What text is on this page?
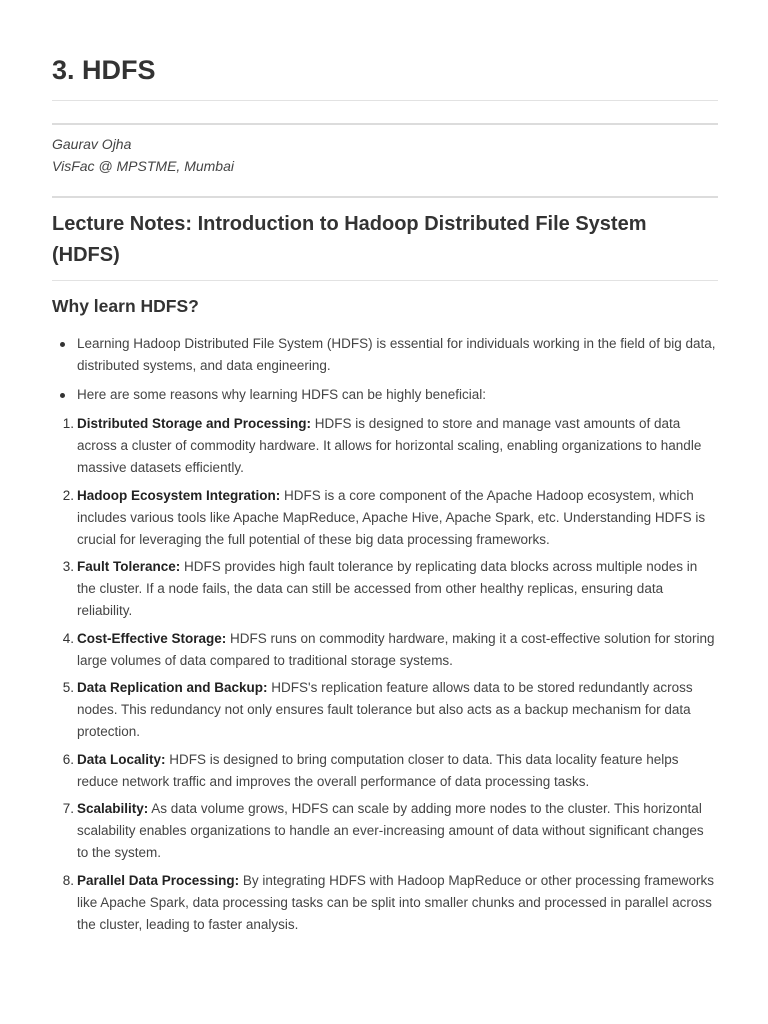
3. HDFS
Gaurav Ojha
VisFac @ MPSTME, Mumbai
Lecture Notes: Introduction to Hadoop Distributed File System (HDFS)
Why learn HDFS?
Learning Hadoop Distributed File System (HDFS) is essential for individuals working in the field of big data, distributed systems, and data engineering.
Here are some reasons why learning HDFS can be highly beneficial:
1. Distributed Storage and Processing: HDFS is designed to store and manage vast amounts of data across a cluster of commodity hardware. It allows for horizontal scaling, enabling organizations to handle massive datasets efficiently.
2. Hadoop Ecosystem Integration: HDFS is a core component of the Apache Hadoop ecosystem, which includes various tools like Apache MapReduce, Apache Hive, Apache Spark, etc. Understanding HDFS is crucial for leveraging the full potential of these big data processing frameworks.
3. Fault Tolerance: HDFS provides high fault tolerance by replicating data blocks across multiple nodes in the cluster. If a node fails, the data can still be accessed from other healthy replicas, ensuring data reliability.
4. Cost-Effective Storage: HDFS runs on commodity hardware, making it a cost-effective solution for storing large volumes of data compared to traditional storage systems.
5. Data Replication and Backup: HDFS's replication feature allows data to be stored redundantly across nodes. This redundancy not only ensures fault tolerance but also acts as a backup mechanism for data protection.
6. Data Locality: HDFS is designed to bring computation closer to data. This data locality feature helps reduce network traffic and improves the overall performance of data processing tasks.
7. Scalability: As data volume grows, HDFS can scale by adding more nodes to the cluster. This horizontal scalability enables organizations to handle an ever-increasing amount of data without significant changes to the system.
8. Parallel Data Processing: By integrating HDFS with Hadoop MapReduce or other processing frameworks like Apache Spark, data processing tasks can be split into smaller chunks and processed in parallel across the cluster, leading to faster analysis.
